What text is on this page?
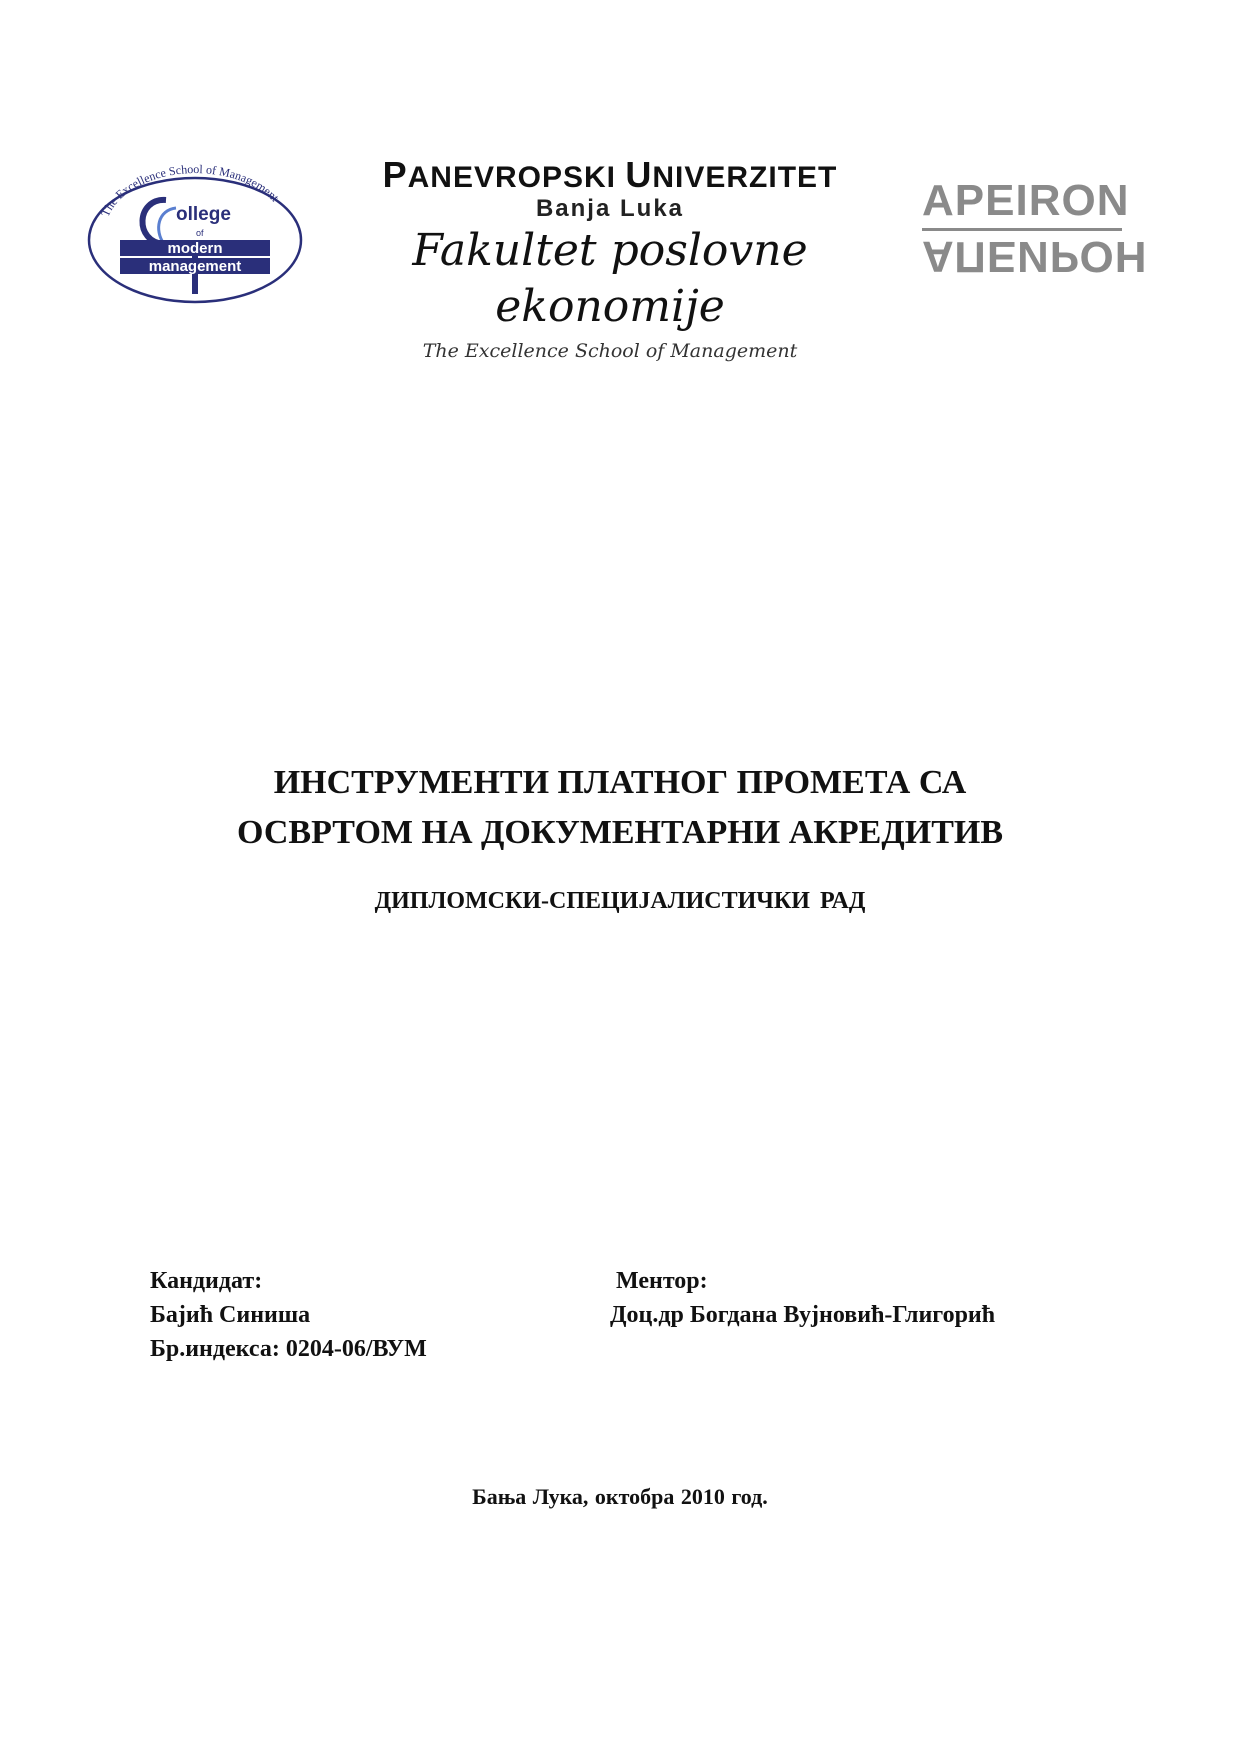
The Excellence School of Management
ollege
of
modern
management
PANEVROPSKI UNIVERZITET
Banja Luka
Fakultet poslovne ekonomije
The Excellence School of Management
APEIRON
АПЕИРОН
ИНСТРУМЕНТИ ПЛАТНОГ ПРОМЕТА СА
ОСВРТОМ НА ДОКУМЕНТАРНИ АКРЕДИТИВ
ДИПЛОМСКИ-СПЕЦИЈАЛИСТИЧКИ РАД
Кандидат:
Бајић Синиша
Бр.индекса: 0204-06/ВУМ
Ментор:
Доц.др Богдана Вујновић-Глигорић
Бања Лука, октобра 2010 год.
